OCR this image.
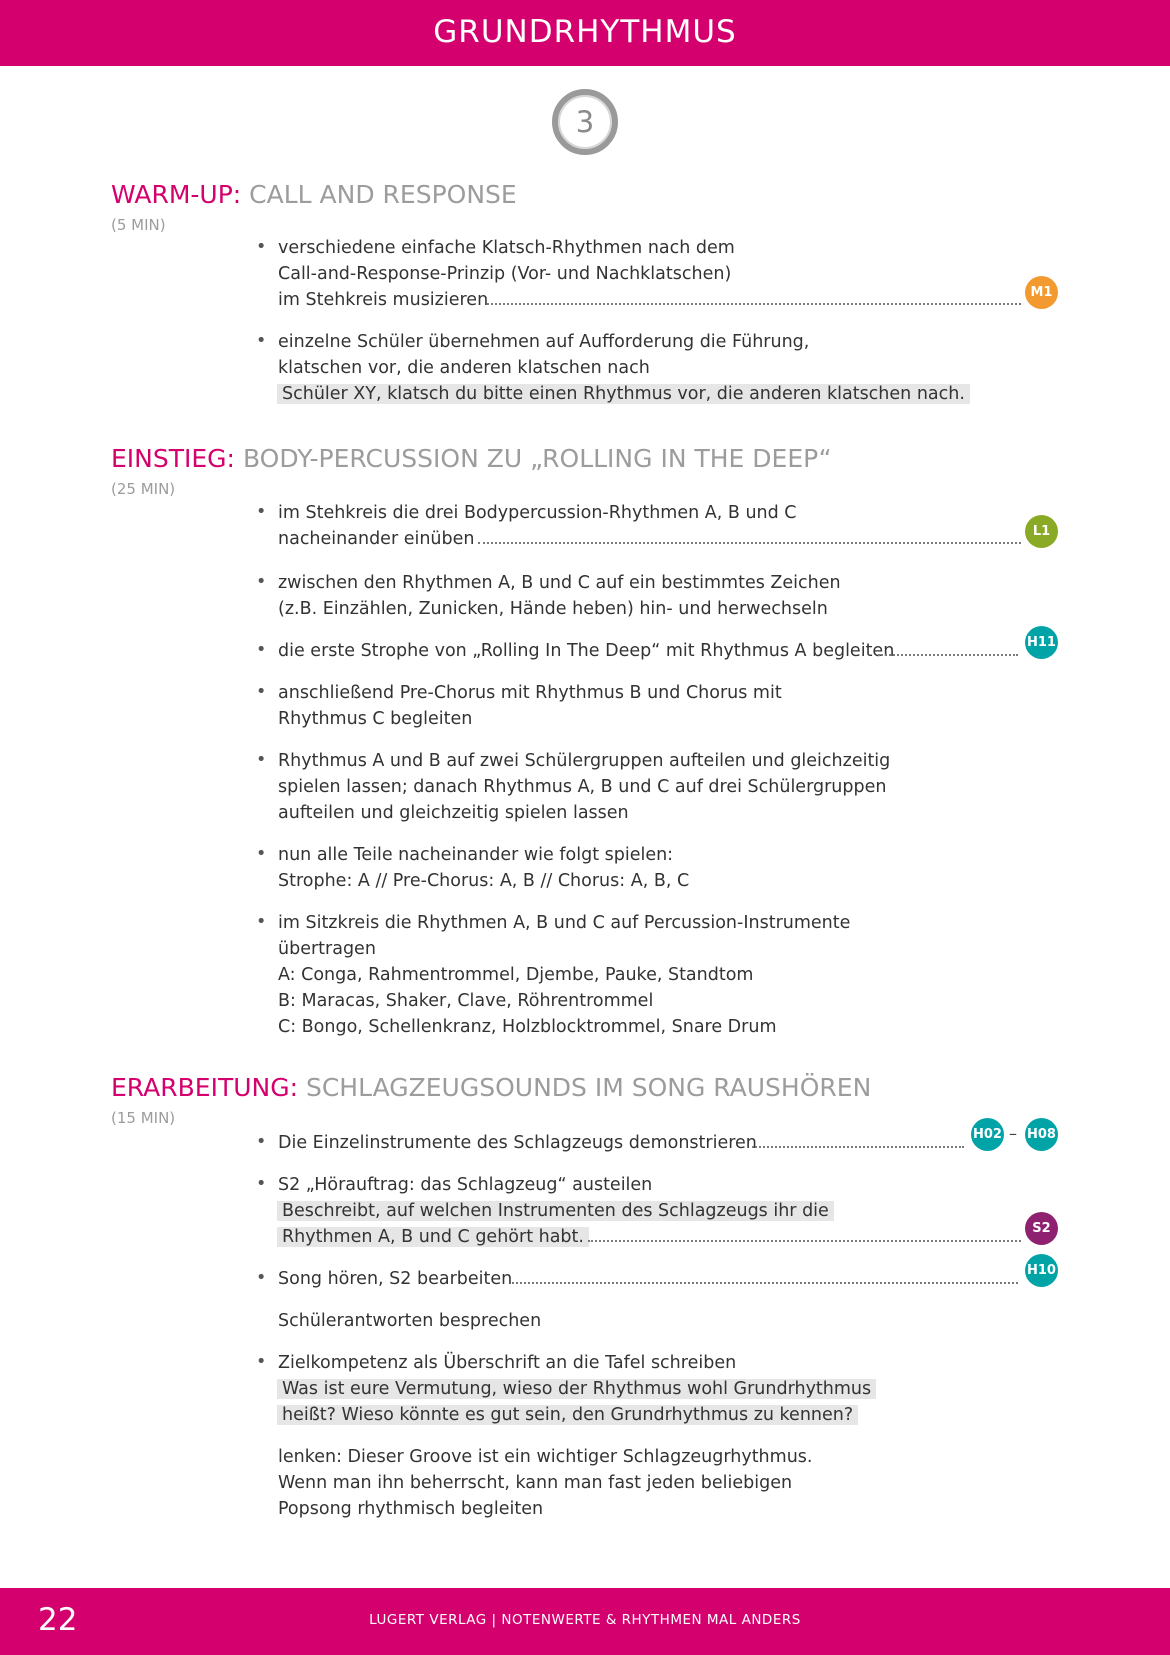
GRUNDRHYTHMUS
3
WARM-UP: CALL AND RESPONSE
(5 MIN)
• verschiedene einfache Klatsch-Rhythmen nach dem
Call-and-Response-Prinzip (Vor- und Nachklatschen)
im Stehkreis musizieren	M1
• einzelne Schüler übernehmen auf Aufforderung die Führung,
klatschen vor, die anderen klatschen nach
Schüler XY, klatsch du bitte einen Rhythmus vor, die anderen klatschen nach.
EINSTIEG: BODY-PERCUSSION ZU „ROLLING IN THE DEEP“
(25 MIN)
• im Stehkreis die drei Bodypercussion-Rhythmen A, B und C
nacheinander einüben	L1
• zwischen den Rhythmen A, B und C auf ein bestimmtes Zeichen
(z.B. Einzählen, Zunicken, Hände heben) hin- und herwechseln
• die erste Strophe von „Rolling In The Deep“ mit Rhythmus A begleiten	H11
• anschließend Pre-Chorus mit Rhythmus B und Chorus mit
Rhythmus C begleiten
• Rhythmus A und B auf zwei Schülergruppen aufteilen und gleichzeitig
spielen lassen; danach Rhythmus A, B und C auf drei Schülergruppen
aufteilen und gleichzeitig spielen lassen
• nun alle Teile nacheinander wie folgt spielen:
Strophe: A // Pre-Chorus: A, B // Chorus: A, B, C
• im Sitzkreis die Rhythmen A, B und C auf Percussion-Instrumente
übertragen
A: Conga, Rahmentrommel, Djembe, Pauke, Standtom
B: Maracas, Shaker, Clave, Röhrentrommel
C: Bongo, Schellenkranz, Holzblocktrommel, Snare Drum
ERARBEITUNG: SCHLAGZEUGSOUNDS IM SONG RAUSHÖREN
(15 MIN)
• Die Einzelinstrumente des Schlagzeugs demonstrieren	H02 – H08
• S2 „Hörauftrag: das Schlagzeug“ austeilen
Beschreibt, auf welchen Instrumenten des Schlagzeugs ihr die
Rhythmen A, B und C gehört habt.	S2
• Song hören, S2 bearbeiten	H10
Schülerantworten besprechen
• Zielkompetenz als Überschrift an die Tafel schreiben
Was ist eure Vermutung, wieso der Rhythmus wohl Grundrhythmus
heißt? Wieso könnte es gut sein, den Grundrhythmus zu kennen?
lenken: Dieser Groove ist ein wichtiger Schlagzeugrhythmus.
Wenn man ihn beherrscht, kann man fast jeden beliebigen
Popsong rhythmisch begleiten
22	LUGERT VERLAG | NOTENWERTE & RHYTHMEN MAL ANDERS
